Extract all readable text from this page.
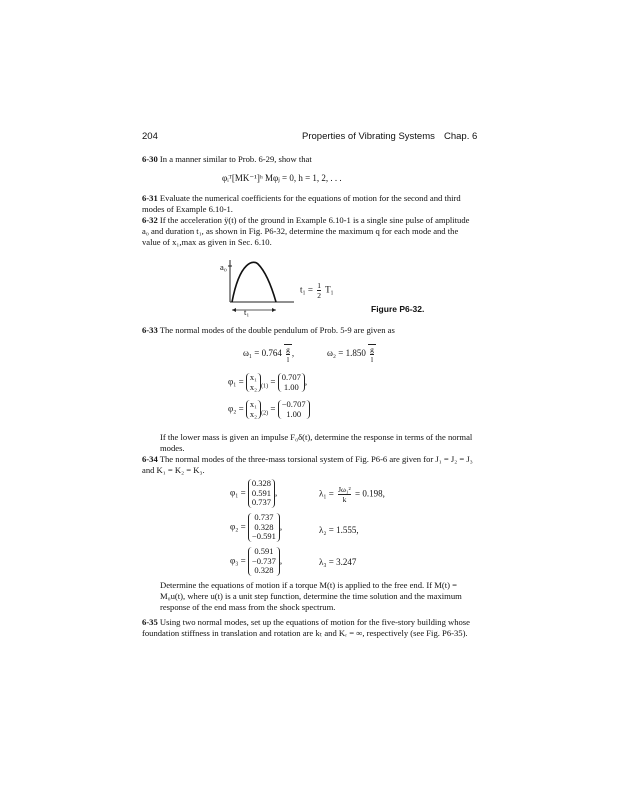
204	Properties of Vibrating Systems Chap. 6
6-30 In a manner similar to Prob. 6-29, show that
φᵢᵀ[MK⁻¹]ʰ Mφⱼ = 0, h = 1, 2, . . .
6-31 Evaluate the numerical coefficients for the equations of motion for the second and third modes of Example 6.10-1.
6-32 If the acceleration ÿ(t) of the ground in Example 6.10-1 is a single sine pulse of amplitude a₀ and duration t₁, as shown in Fig. P6-32, determine the maximum q for each mode and the value of x₁,max as given in Sec. 6.10.
a₀
t₁
$t_1 = \frac{1}{2} T_1$
Figure P6-32.
6-33 The normal modes of the double pendulum of Prob. 5-9 are given as
$\omega_1 = 0.764 \frac{g}{l}$ ,	$\omega_2 = 1.850 \frac{g}{l}$
φ₁ = x₁
x₂ $_{(1)}$ = 0.707
1.00 ,
φ₂ = x₁
x₂ $_{(2)}$ = −0.707
1.00
If the lower mass is given an impulse F₀δ(t), determine the response in terms of the normal modes.
6-34 The normal modes of the three-mass torsional system of Fig. P6-6 are given for J₁ = J₂ = J₃ and K₁ = K₂ = K₃.
φ₁ =
0.328
0.591
0.737
,	$\lambda_1 = \frac{\text{Jω₁²}}{k} = 0.198$,
φ₂ =
0.737
0.328
−0.591
,	λ₂ = 1.555,
φ₃ =
0.591
−0.737
0.328
,	λ₃ = 3.247
Determine the equations of motion if a torque M(t) is applied to the free end. If M(t) = M₀u(t), where u(t) is a unit step function, determine the time solution and the maximum response of the end mass from the shock spectrum.
6-35 Using two normal modes, set up the equations of motion for the five-story building whose foundation stiffness in translation and rotation are kₜ and Kᵣ = ∞, respectively (see Fig. P6-35).
